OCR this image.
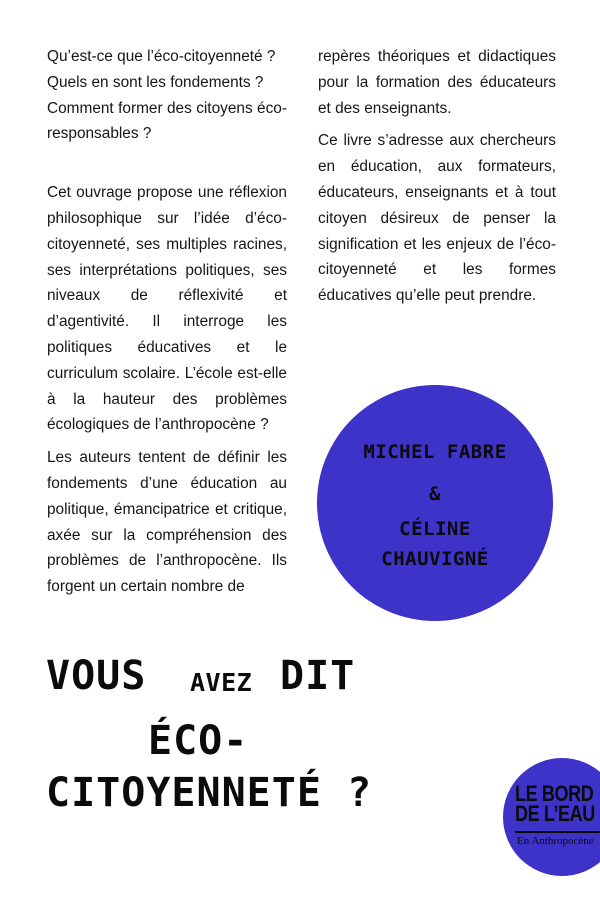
Qu’est-ce que l’éco-citoyenneté ?

Quels en sont les fondements ?

Comment former des citoyens éco-responsables ?

Cet ouvrage propose une réflexion philosophique sur l’idée d’éco-citoyenneté, ses multiples racines, ses interprétations politiques, ses niveaux de réflexivité et d’agentivité. Il interroge les politiques éducatives et le curriculum scolaire. L’école est-elle à la hauteur des problèmes écologiques de l’anthropocène ?

Les auteurs tentent de définir les fondements d’une éducation au politique, émancipatrice et critique, axée sur la compréhension des problèmes de l’anthropocène. Ils forgent un certain nombre de

repères théoriques et didactiques pour la formation des éducateurs et des enseignants.

Ce livre s’adresse aux chercheurs en éducation, aux formateurs, éducateurs, enseignants et à tout citoyen désireux de penser la signification et les enjeux de l’éco-citoyenneté et les formes éducatives qu’elle peut prendre.

MICHEL FABRE
&
CÉLINE
CHAUVIGNÉ
VOUS AVEZ DIT
ÉCO-
CITOYENNETÉ ?	LE BORD
DE L’EAU
En Anthropocène
